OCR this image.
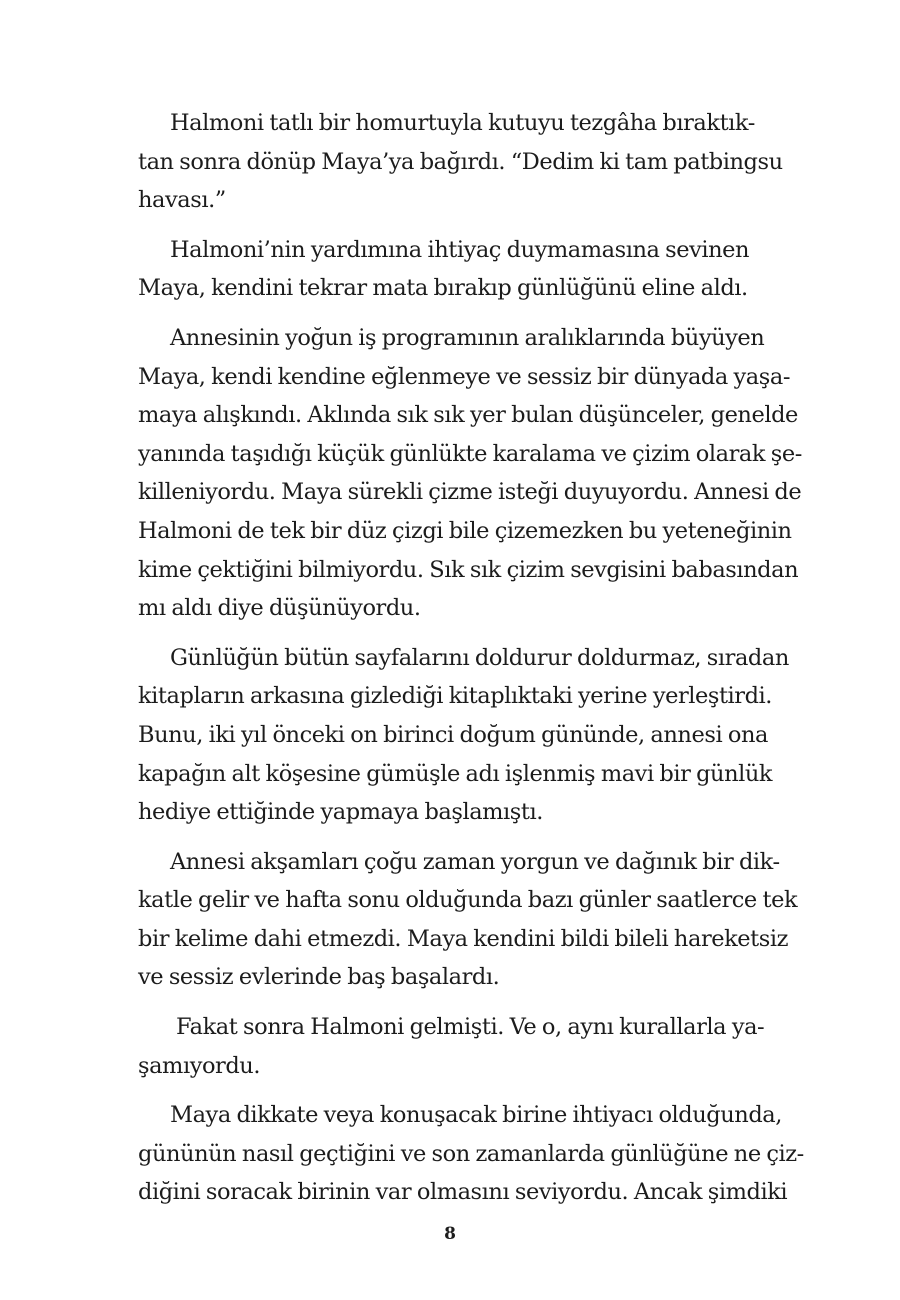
Halmoni tatlı bir homurtuyla kutuyu tezgâha bıraktık-
tan sonra dönüp Maya’ya bağırdı. “Dedim ki tam patbingsu
havası.”

Halmoni’nin yardımına ihtiyaç duymamasına sevinen
Maya, kendini tekrar mata bırakıp günlüğünü eline aldı.

Annesinin yoğun iş programının aralıklarında büyüyen
Maya, kendi kendine eğlenmeye ve sessiz bir dünyada yaşa-
maya alışkındı. Aklında sık sık yer bulan düşünceler, genelde
yanında taşıdığı küçük günlükte karalama ve çizim olarak şe-
killeniyordu. Maya sürekli çizme isteği duyuyordu. Annesi de
Halmoni de tek bir düz çizgi bile çizemezken bu yeteneğinin
kime çektiğini bilmiyordu. Sık sık çizim sevgisini babasından
mı aldı diye düşünüyordu.

Günlüğün bütün sayfalarını doldurur doldurmaz, sıradan
kitapların arkasına gizlediği kitaplıktaki yerine yerleştirdi.
Bunu, iki yıl önceki on birinci doğum gününde, annesi ona
kapağın alt köşesine gümüşle adı işlenmiş mavi bir günlük
hediye ettiğinde yapmaya başlamıştı.

Annesi akşamları çoğu zaman yorgun ve dağınık bir dik-
katle gelir ve hafta sonu olduğunda bazı günler saatlerce tek
bir kelime dahi etmezdi. Maya kendini bildi bileli hareketsiz
ve sessiz evlerinde baş başalardı.

Fakat sonra Halmoni gelmişti. Ve o, aynı kurallarla ya-
şamıyordu.

Maya dikkate veya konuşacak birine ihtiyacı olduğunda,
gününün nasıl geçtiğini ve son zamanlarda günlüğüne ne çiz-
diğini soracak birinin var olmasını seviyordu. Ancak şimdiki

8
